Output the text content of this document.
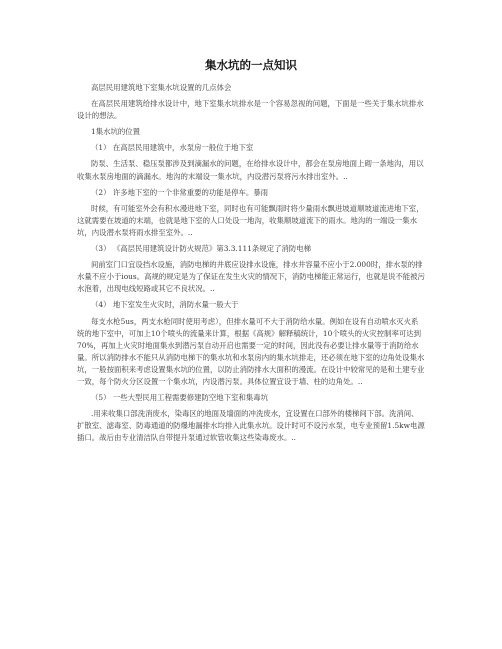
集水坑的一点知识

高层民用建筑地下室集水坑设置的几点体会

在高层民用建筑给排水设计中，地下室集水坑排水是一个容易忽视的问题，下面是一些关于集水坑排水设计的想法。

1集水坑的位置

（1） 在高层民用建筑中，水泵房一般位于地下室

防泵、生活泵、稳压泵都涉及到滴漏水的问题，在给排水设计中，都会在泵房地面上砌一条地沟，用以收集水泵房地面的滴漏水。地沟的末端设一集水坑，内设潜污泵将污水排出室外。..

（2） 许多地下室的一个非常重要的功能是停车。暴雨

时候，有可能室外会有积水漫进地下室，同时也有可能飘雨时将少量雨水飘进坡道顺坡道流进地下室，这就需要在坡道的末端，也就是地下室的人口处设一地沟，收集顺坡道流下的雨水。地沟的一端设一集水坑，内设潜水泵将雨水排至室外。..

（3） 《高层民用建筑设计防火规范》第3.3.111条规定了消防电梯

间前室门口宜设挡水设施，消防电梯的井底应设排水设施，排水井容量不应小于2.000时，排水泵的排水量不应小于ious。高规的规定是为了保证在发生火灾的情况下，消防电梯能正常运行，也就是说不能被污水泡着，出现电线短路或其它不良状况。..

（4） 地下室发生火灾时，消防水量一般大于

每支水枪5us，两支水枪同时使用考虑），但排水量可不大于消防给水量。例如在设有自动喷水灭火系统的地下室中，可加上10个喷头的流量来计算，根据《高规》解释稿统计，10个喷头的火灾控制率可达到70%，再加上火灾时地面集水到潜污泵自动开启也需要一定的时间，因此没有必要让排水量等于消防给水量。所以消防排水不能只从消防电梯下的集水坑和水泵房内的集水坑排走，还必须在地下室的边角处设集水坑，一般按面积来考虑设置集水坑的位置，以防止消防排水大面积的漫流。在设计中较常见的是和土建专业一致，每个防火分区设置一个集水坑，内设潜污泵。具体位置宜设于墙、柱的边角处。..

（5） 一些大型民用工程需要修建防空地下室和集毒坑

.用来收集口部洗消废水，染毒区的地面及墙面的冲洗废水，宜设置在口部外的楼梯间下部。洗消间、扩散室、滤毒室、防毒通道的防爆地漏排水均排入此集水坑。设计时可不设污水泵，电专业预留1.5kw电源插口。战后由专业清洁队自带提升泵通过软管收集这些染毒废水。..
